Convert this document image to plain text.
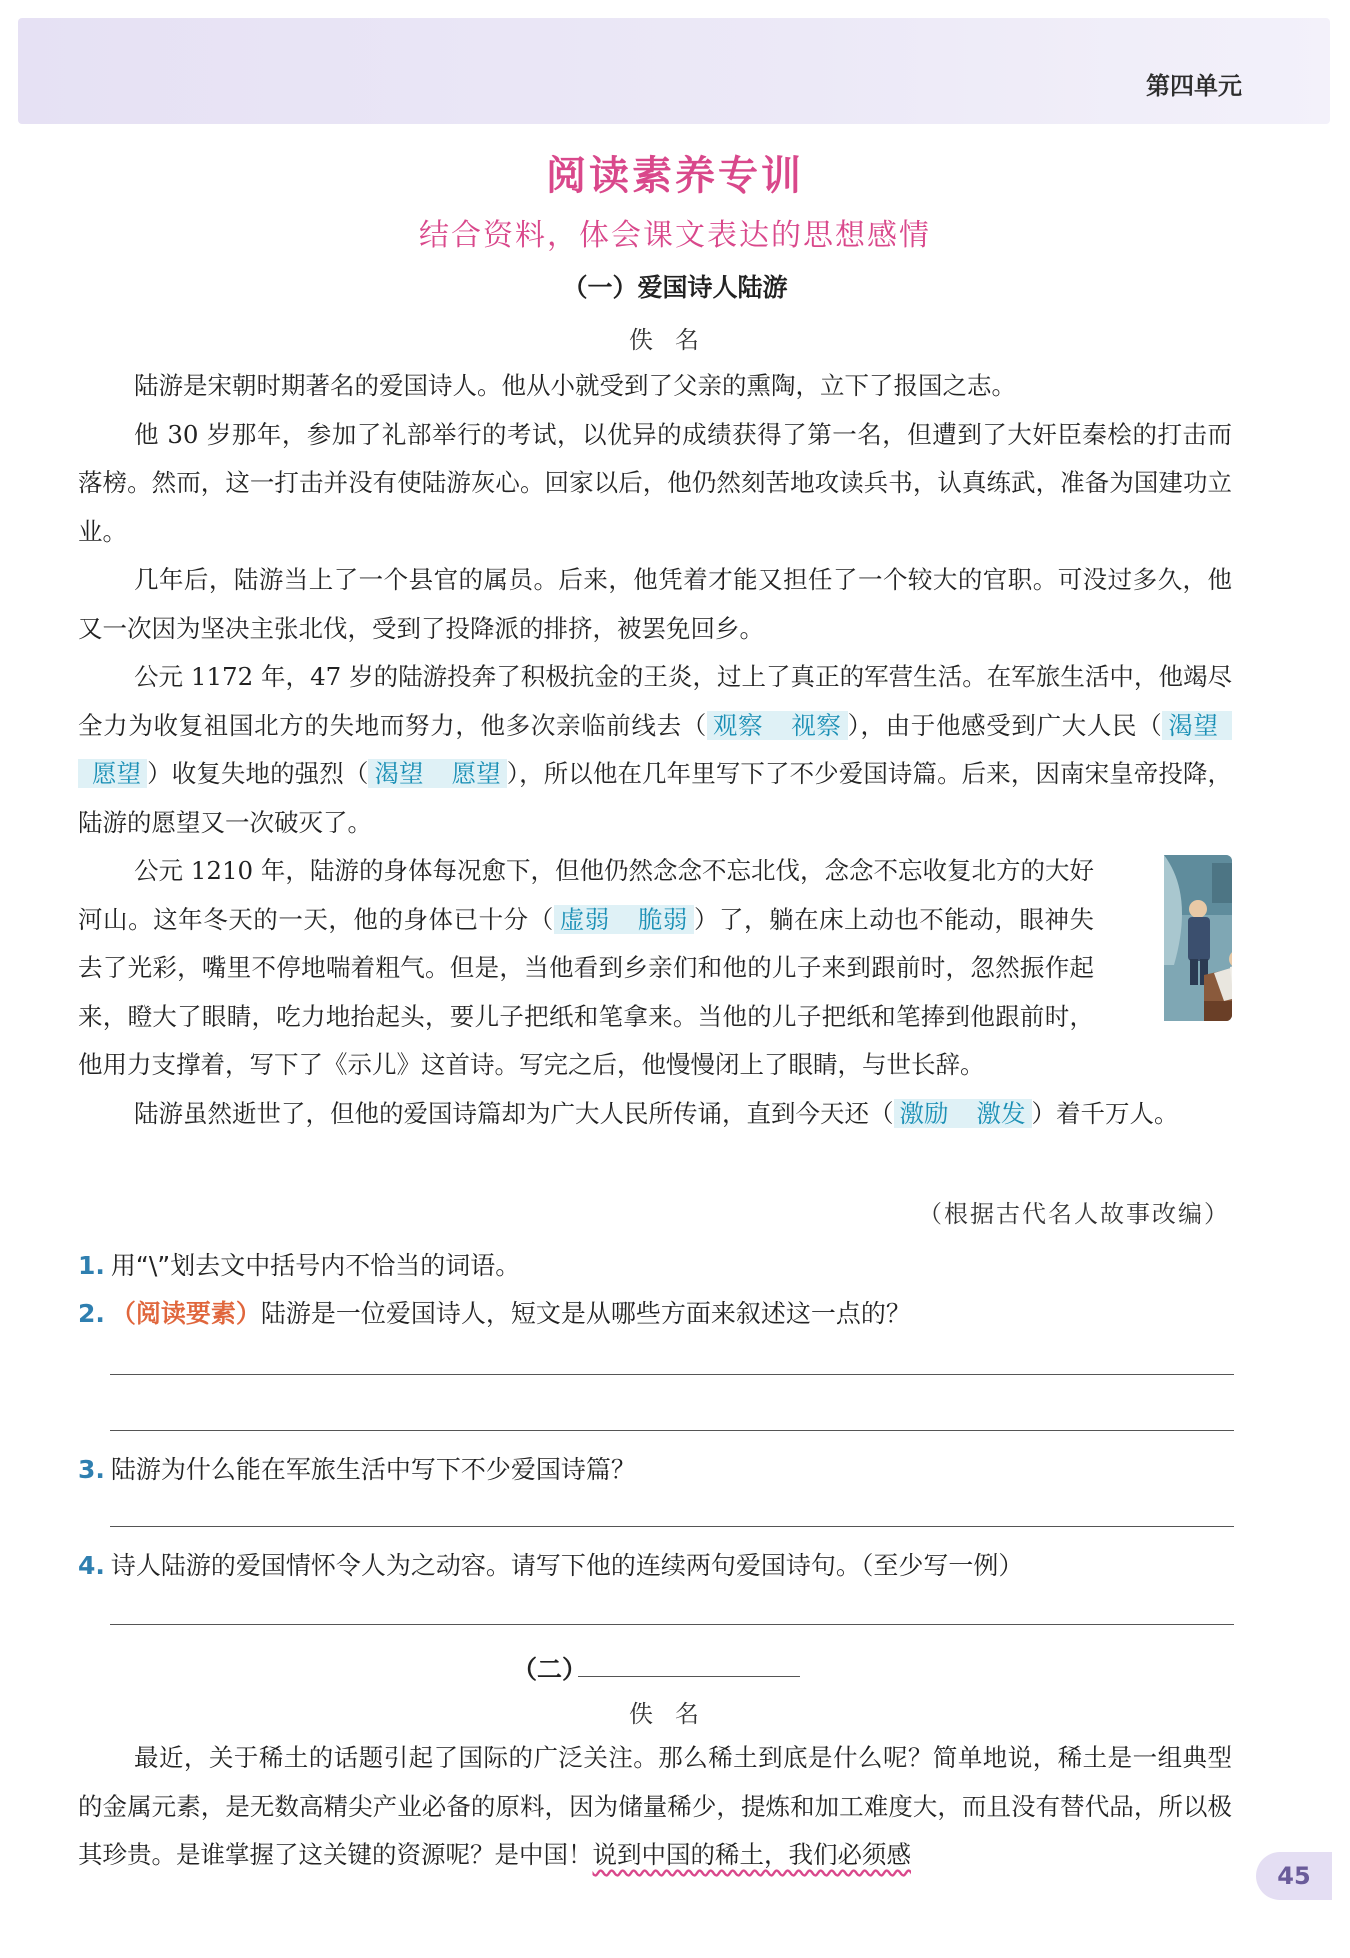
第四单元
阅读素养专训
结合资料，体会课文表达的思想感情
（一）爱国诗人陆游
佚名

陆游是宋朝时期著名的爱国诗人。他从小就受到了父亲的熏陶，立下了报国之志。

他 30 岁那年，参加了礼部举行的考试，以优异的成绩获得了第一名，但遭到了大奸臣秦桧的打击而落榜。然而，这一打击并没有使陆游灰心。回家以后，他仍然刻苦地攻读兵书，认真练武，准备为国建功立业。

几年后，陆游当上了一个县官的属员。后来，他凭着才能又担任了一个较大的官职。可没过多久，他又一次因为坚决主张北伐，受到了投降派的排挤，被罢免回乡。

公元 1172 年，47 岁的陆游投奔了积极抗金的王炎，过上了真正的军营生活。在军旅生活中，他竭尽全力为收复祖国北方的失地而努力，他多次亲临前线去（ 观察 视察 ），由于他感受到广大人民（ 渴望愿望 ）收复失地的强烈（ 渴望 愿望 ），所以他在几年里写下了不少爱国诗篇。后来，因南宋皇帝投降，陆游的愿望又一次破灭了。

公元 1210 年，陆游的身体每况愈下，但他仍然念念不忘北伐，念念不忘收复北方的大好河山。这年冬天的一天，他的身体已十分（ 虚弱 脆弱 ）了，躺在床上动也不能动，眼神失去了光彩，嘴里不停地喘着粗气。但是，当他看到乡亲们和他的儿子来到跟前时，忽然振作起来，瞪大了眼睛，吃力地抬起头，要儿子把纸和笔拿来。当他的儿子把纸和笔捧到他跟前时，他用力支撑着，写下了《示儿》这首诗。写完之后，他慢慢闭上了眼睛，与世长辞。

陆游虽然逝世了，但他的爱国诗篇却为广大人民所传诵，直到今天还（ 激励 激发 ）着千万人。

（根据古代名人故事改编）
1. 用“\”划去文中括号内不恰当的词语。
2. （阅读要素）陆游是一位爱国诗人，短文是从哪些方面来叙述这一点的？
3. 陆游为什么能在军旅生活中写下不少爱国诗篇？
4. 诗人陆游的爱国情怀令人为之动容。请写下他的连续两句爱国诗句。（至少写一例）
（二）
佚名

最近，关于稀土的话题引起了国际的广泛关注。那么稀土到底是什么呢？简单地说，稀土是一组典型的金属元素，是无数高精尖产业必备的原料，因为储量稀少，提炼和加工难度大，而且没有替代品，所以极其珍贵。是谁掌握了这关键的资源呢？是中国！说到中国的稀土，我们必须感

45
